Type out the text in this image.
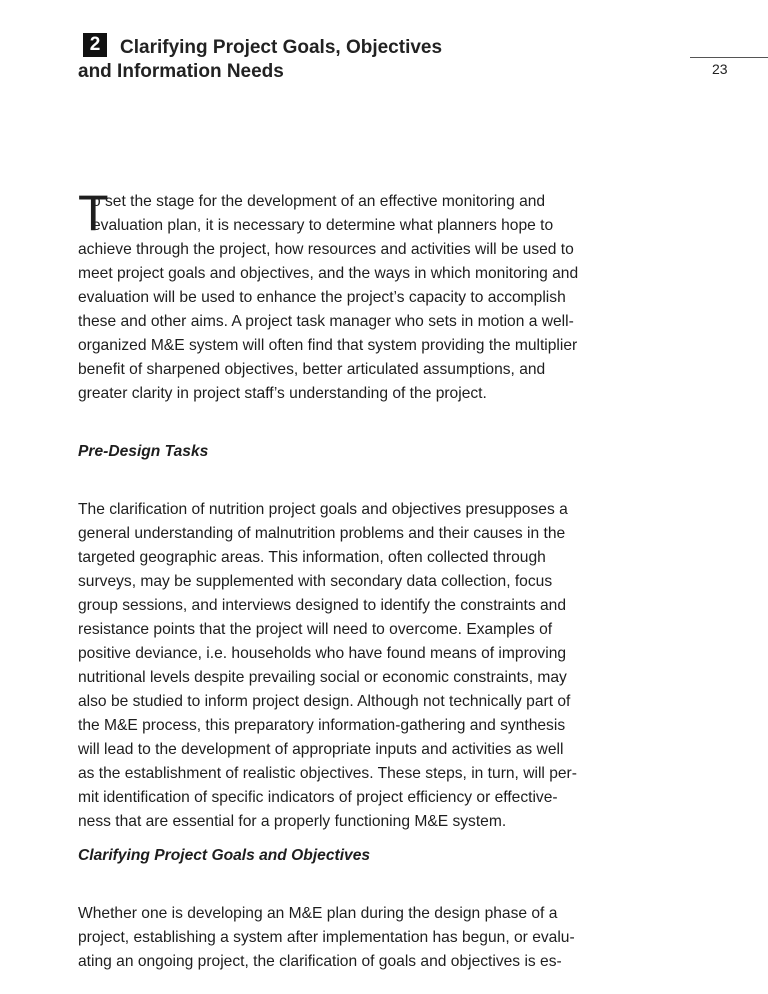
2	Clarifying Project Goals, Objectives
and Information Needs	23
T
o set the stage for the development of an effective monitoring and
evaluation plan, it is necessary to determine what planners hope to
achieve through the project, how resources and activities will be used to
meet project goals and objectives, and the ways in which monitoring and
evaluation will be used to enhance the project’s capacity to accomplish
these and other aims. A project task manager who sets in motion a well-
organized M&E system will often find that system providing the multiplier
benefit of sharpened objectives, better articulated assumptions, and
greater clarity in project staff’s understanding of the project.
Pre-Design Tasks
The clarification of nutrition project goals and objectives presupposes a
general understanding of malnutrition problems and their causes in the
targeted geographic areas. This information, often collected through
surveys, may be supplemented with secondary data collection, focus
group sessions, and interviews designed to identify the constraints and
resistance points that the project will need to overcome. Examples of
positive deviance, i.e. households who have found means of improving
nutritional levels despite prevailing social or economic constraints, may
also be studied to inform project design. Although not technically part of
the M&E process, this preparatory information-gathering and synthesis
will lead to the development of appropriate inputs and activities as well
as the establishment of realistic objectives. These steps, in turn, will per-
mit identification of specific indicators of project efficiency or effective-
ness that are essential for a properly functioning M&E system.
Clarifying Project Goals and Objectives
Whether one is developing an M&E plan during the design phase of a
project, establishing a system after implementation has begun, or evalu-
ating an ongoing project, the clarification of goals and objectives is es-
